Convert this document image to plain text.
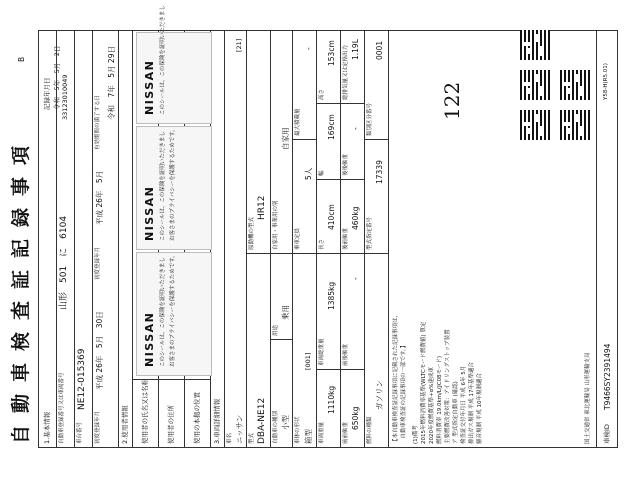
自動車検査証記録事項
B
記録年月日 令和　5年　5月　2日 33123010049
1.基本情報 自動車登録番号又は車両番号
山形　501　に　6104
車台番号
NE12-015369
初度登録年月
平成 26年　5月　30日
初度登録年月
平成 26年　5月
有効期間の満了する日
令和　7年　5月 29日
2.使用者情報 使用者の氏名又は名称	使用者の住所	使用の本拠の位置
NISSAN このシールは、この保険を証明いただきまし お客さまのプライバシーを保護するためです。
NISSAN このシールは、この保険を証明いただきまし お客さまのプライバシーを保護するためです。
NISSAN このシールは、この保険を証明いただきまし
3.車両詳細情報 車名 ニッサン
[21]
型式 DBA-NE12
原動機の型式
HR12
自動車の種別 小型
用途
乗用
自家用・事業用の別
自家用
車体の形状 箱型
[001]
乗車定員
5人
最大積載量
-
車両重量
1110kg
車両総重量
1385kg
長さ
410cm
幅
169cm
高さ
153cm
前前軸重
650kg
前後軸重
-
後前軸重
460kg
後後軸重
-
総排気量又は定格出力 1.19L
燃料の種類
ガソリン
型式指定番号
17339
類別区分番号
0001
【本自動車検査証記録事項に記載された記録事項は、 　自動車検査証の記録事項の一部です。】 (1)備考 2015年燃料消費率基準(WLTCモード燃費値) 算定 2020年度燃費基準+α%達成車 燃料消費率 19.0km/L(JC08モード) 主要燃費改善対策：アイドリングストップ装置 ア 型式指定自動車 (確認) 検査証交付年月日 平成 6年 5月 排出ガス規制 平成 17年基準適合 騒音規制 平成 10年規制適合
122
国土交通省 東北運輸局 山形運輸支局 車検ID
T9466SY2391494
Y58-H(R5.01)
